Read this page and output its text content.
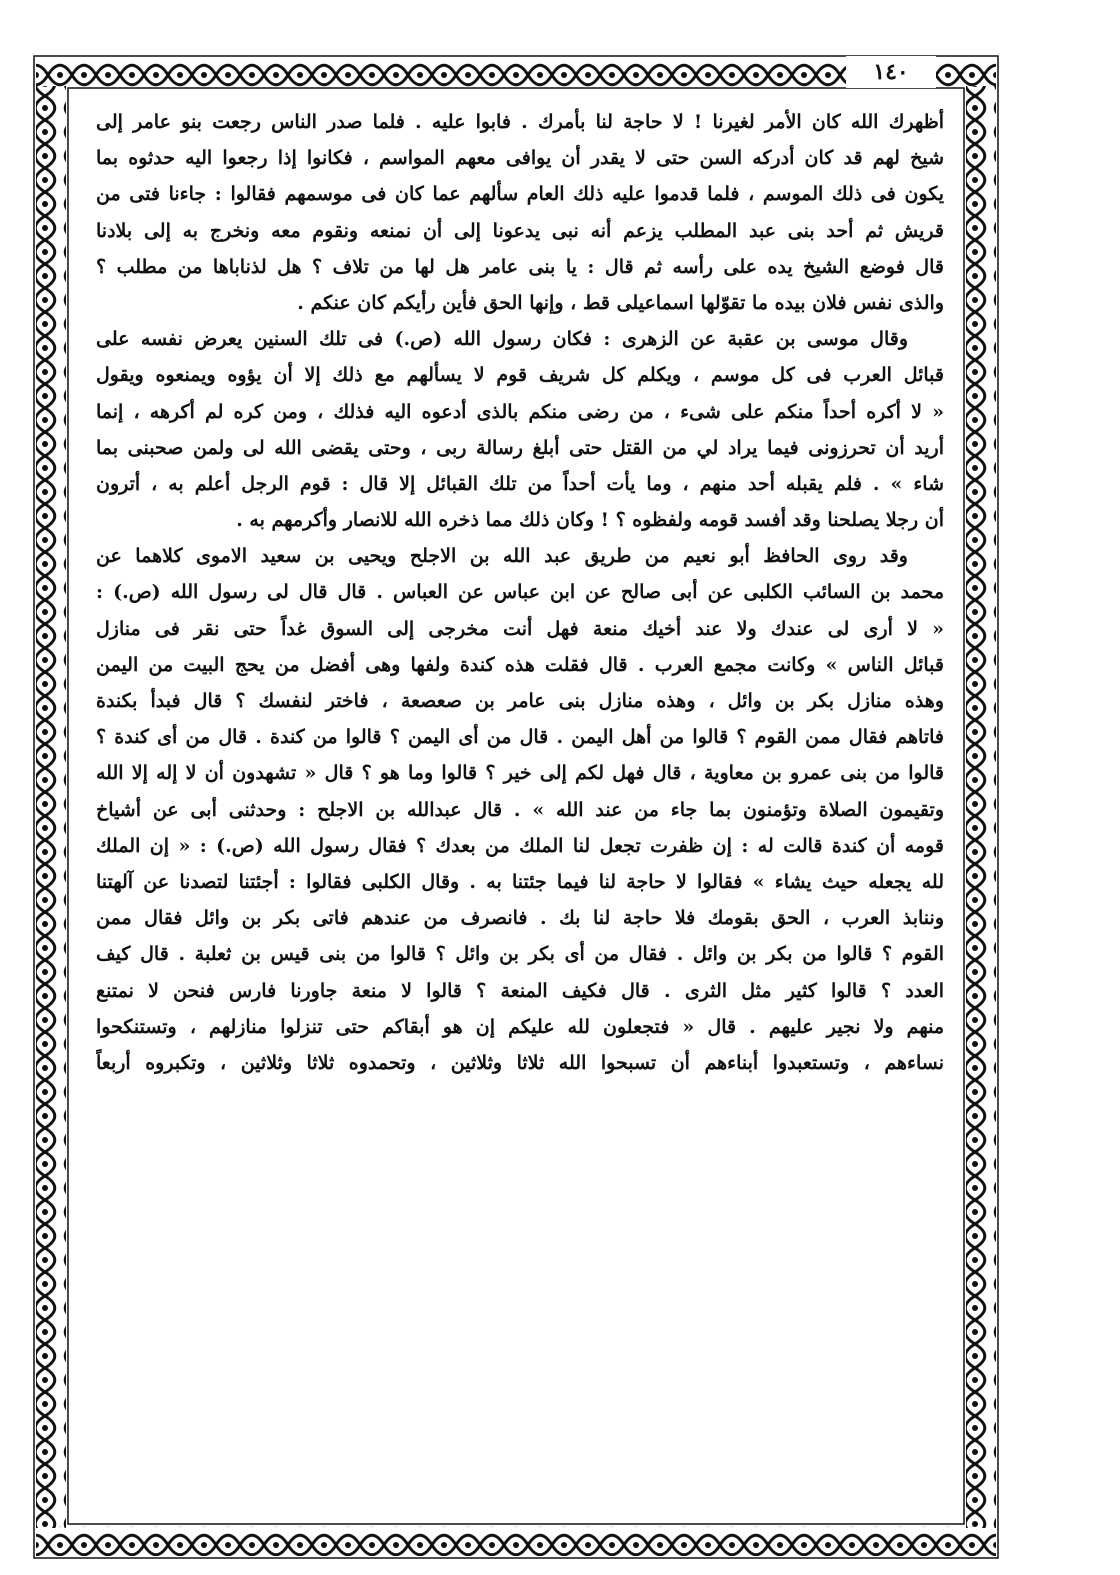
١٤٠
أظهرك الله كان الأمر لغيرنا ! لا حاجة لنا بأمرك . فابوا عليه . فلما صدر الناس رجعت بنو عامر إلى
شيخ لهم قد كان أدركه السن حتى لا يقدر أن يوافى معهم المواسم ، فكانوا إذا رجعوا اليه حدثوه بما
يكون فى ذلك الموسم ، فلما قدموا عليه ذلك العام سألهم عما كان فى موسمهم فقالوا : جاءنا فتى من
قريش ثم أحد بنى عبد المطلب يزعم أنه نبى يدعونا إلى أن نمنعه ونقوم معه ونخرج به إلى بلادنا
قال فوضع الشيخ يده على رأسه ثم قال : يا بنى عامر هل لها من تلاف ؟ هل لذناباها من مطلب ؟
والذى نفس فلان بيده ما تقوّلها اسماعيلى قط ، وإنها الحق فأين رأيكم كان عنكم .
وقال موسى بن عقبة عن الزهرى : فكان رسول الله (ص.) فى تلك السنين يعرض نفسه على
قبائل العرب فى كل موسم ، ويكلم كل شريف قوم لا يسألهم مع ذلك إلا أن يؤوه ويمنعوه ويقول
« لا أكره أحداً منكم على شىء ، من رضى منكم بالذى أدعوه اليه فذلك ، ومن كره لم أكرهه ، إنما
أريد أن تحرزونى فيما يراد لي من القتل حتى أبلغ رسالة ربى ، وحتى يقضى الله لى ولمن صحبنى بما
شاء » . فلم يقبله أحد منهم ، وما يأت أحداً من تلك القبائل إلا قال : قوم الرجل أعلم به ، أترون
أن رجلا يصلحنا وقد أفسد قومه ولفظوه ؟ ! وكان ذلك مما ذخره الله للانصار وأكرمهم به .
وقد روى الحافظ أبو نعيم من طريق عبد الله بن الاجلح ويحيى بن سعيد الاموى كلاهما عن
محمد بن السائب الكلبى عن أبى صالح عن ابن عباس عن العباس . قال قال لى رسول الله (ص.) :
« لا أرى لى عندك ولا عند أخيك منعة فهل أنت مخرجى إلى السوق غداً حتى نقر فى منازل
قبائل الناس » وكانت مجمع العرب . قال فقلت هذه كندة ولفها وهى أفضل من يحج البيت من اليمن
وهذه منازل بكر بن وائل ، وهذه منازل بنى عامر بن صعصعة ، فاختر لنفسك ؟ قال فبدأ بكندة
فاتاهم فقال ممن القوم ؟ قالوا من أهل اليمن . قال من أى اليمن ؟ قالوا من كندة . قال من أى كندة ؟
قالوا من بنى عمرو بن معاوية ، قال فهل لكم إلى خير ؟ قالوا وما هو ؟ قال « تشهدون أن لا إله إلا الله
وتقيمون الصلاة وتؤمنون بما جاء من عند الله » . قال عبدالله بن الاجلح : وحدثنى أبى عن أشياخ
قومه أن كندة قالت له : إن ظفرت تجعل لنا الملك من بعدك ؟ فقال رسول الله (ص.) : « إن الملك
لله يجعله حيث يشاء » فقالوا لا حاجة لنا فيما جئتنا به . وقال الكلبى فقالوا : أجئتنا لتصدنا عن آلهتنا
وننابذ العرب ، الحق بقومك فلا حاجة لنا بك . فانصرف من عندهم فاتى بكر بن وائل فقال ممن
القوم ؟ قالوا من بكر بن وائل . فقال من أى بكر بن وائل ؟ قالوا من بنى قيس بن ثعلبة . قال كيف
العدد ؟ قالوا كثير مثل الثرى . قال فكيف المنعة ؟ قالوا لا منعة جاورنا فارس فنحن لا نمتنع
منهم ولا نجير عليهم . قال « فتجعلون لله عليكم إن هو أبقاكم حتى تنزلوا منازلهم ، وتستنكحوا
نساءهم ، وتستعبدوا أبناءهم أن تسبحوا الله ثلاثا وثلاثين ، وتحمدوه ثلاثا وثلاثين ، وتكبروه أربعاً
